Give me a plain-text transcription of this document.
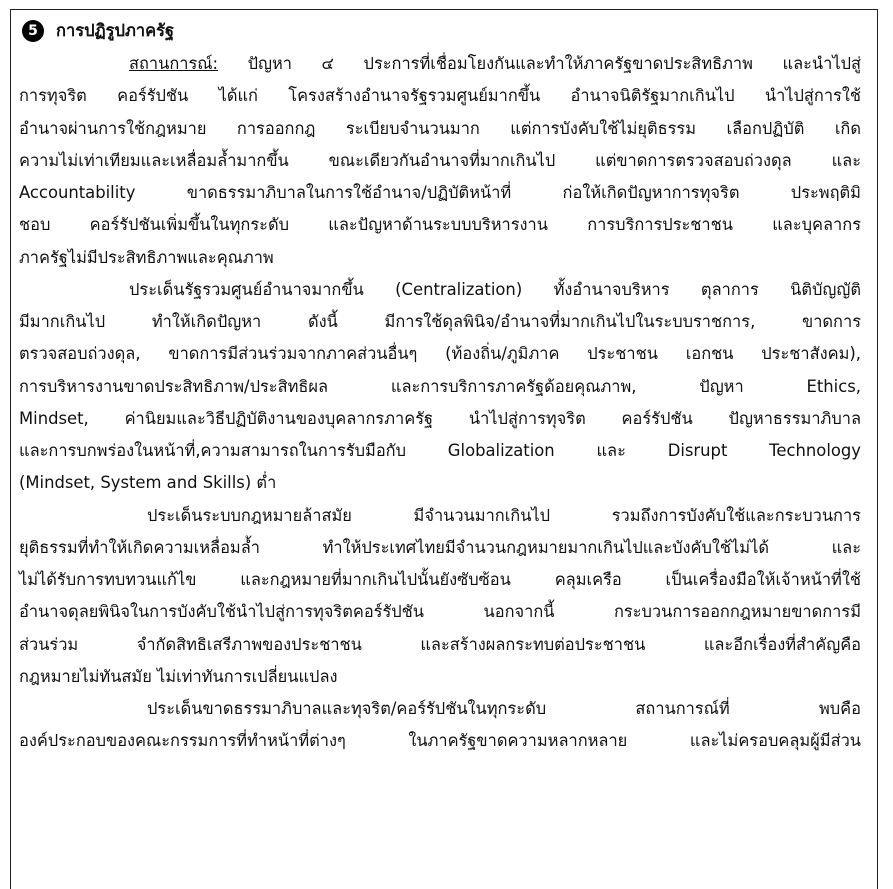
5	การปฏิรูปภาครัฐ
สถานการณ์: ปัญหา ๔ ประการที่เชื่อมโยงกันและทำให้ภาครัฐขาดประสิทธิภาพ และนำไปสู่
การทุจริต คอร์รัปชัน ได้แก่ โครงสร้างอำนาจรัฐรวมศูนย์มากขึ้น อำนาจนิติรัฐมากเกินไป นำไปสู่การใช้
อำนาจผ่านการใช้กฎหมาย การออกกฎ ระเบียบจำนวนมาก แต่การบังคับใช้ไม่ยุติธรรม เลือกปฏิบัติ เกิด
ความไม่เท่าเทียมและเหลื่อมล้ำมากขึ้น ขณะเดียวกันอำนาจที่มากเกินไป แต่ขาดการตรวจสอบถ่วงดุล และ
Accountability ขาดธรรมาภิบาลในการใช้อำนาจ/ปฏิบัติหน้าที่ ก่อให้เกิดปัญหาการทุจริต ประพฤติมิ
ชอบ คอร์รัปชันเพิ่มขึ้นในทุกระดับ และปัญหาด้านระบบบริหารงาน การบริการประชาชน และบุคลากร
ภาครัฐไม่มีประสิทธิภาพและคุณภาพ
ประเด็นรัฐรวมศูนย์อำนาจมากขึ้น (Centralization) ทั้งอำนาจบริหาร ตุลาการ นิติบัญญัติ
มีมากเกินไป ทำให้เกิดปัญหา ดังนี้ มีการใช้ดุลพินิจ/อำนาจที่มากเกินไปในระบบราชการ, ขาดการ
ตรวจสอบถ่วงดุล, ขาดการมีส่วนร่วมจากภาคส่วนอื่นๆ (ท้องถิ่น/ภูมิภาค ประชาชน เอกชน ประชาสังคม),
การบริหารงานขาดประสิทธิภาพ/ประสิทธิผล และการบริการภาครัฐด้อยคุณภาพ, ปัญหา Ethics,
Mindset, ค่านิยมและวิธีปฏิบัติงานของบุคลากรภาครัฐ นำไปสู่การทุจริต คอร์รัปชัน ปัญหาธรรมาภิบาล
และการบกพร่องในหน้าที่,ความสามารถในการรับมือกับ Globalization และ Disrupt Technology
(Mindset, System and Skills) ต่ำ
ประเด็นระบบกฎหมายล้าสมัย มีจำนวนมากเกินไป รวมถึงการบังคับใช้และกระบวนการ
ยุติธรรมที่ทำให้เกิดความเหลื่อมล้ำ ทำให้ประเทศไทยมีจำนวนกฎหมายมากเกินไปและบังคับใช้ไม่ได้ และ
ไม่ได้รับการทบทวนแก้ไข และกฎหมายที่มากเกินไปนั้นยังซับซ้อน คลุมเครือ เป็นเครื่องมือให้เจ้าหน้าที่ใช้
อำนาจดุลยพินิจในการบังคับใช้นำไปสู่การทุจริตคอร์รัปชัน นอกจากนี้ กระบวนการออกกฎหมายขาดการมี
ส่วนร่วม จำกัดสิทธิเสรีภาพของประชาชน และสร้างผลกระทบต่อประชาชน และอีกเรื่องที่สำคัญคือ
กฎหมายไม่ทันสมัย ไม่เท่าทันการเปลี่ยนแปลง
ประเด็นขาดธรรมาภิบาลและทุจริต/คอร์รัปชันในทุกระดับ สถานการณ์ที่ พบคือ
องค์ประกอบของคณะกรรมการที่ทำหน้าที่ต่างๆ ในภาครัฐขาดความหลากหลาย และไม่ครอบคลุมผู้มีส่วน
